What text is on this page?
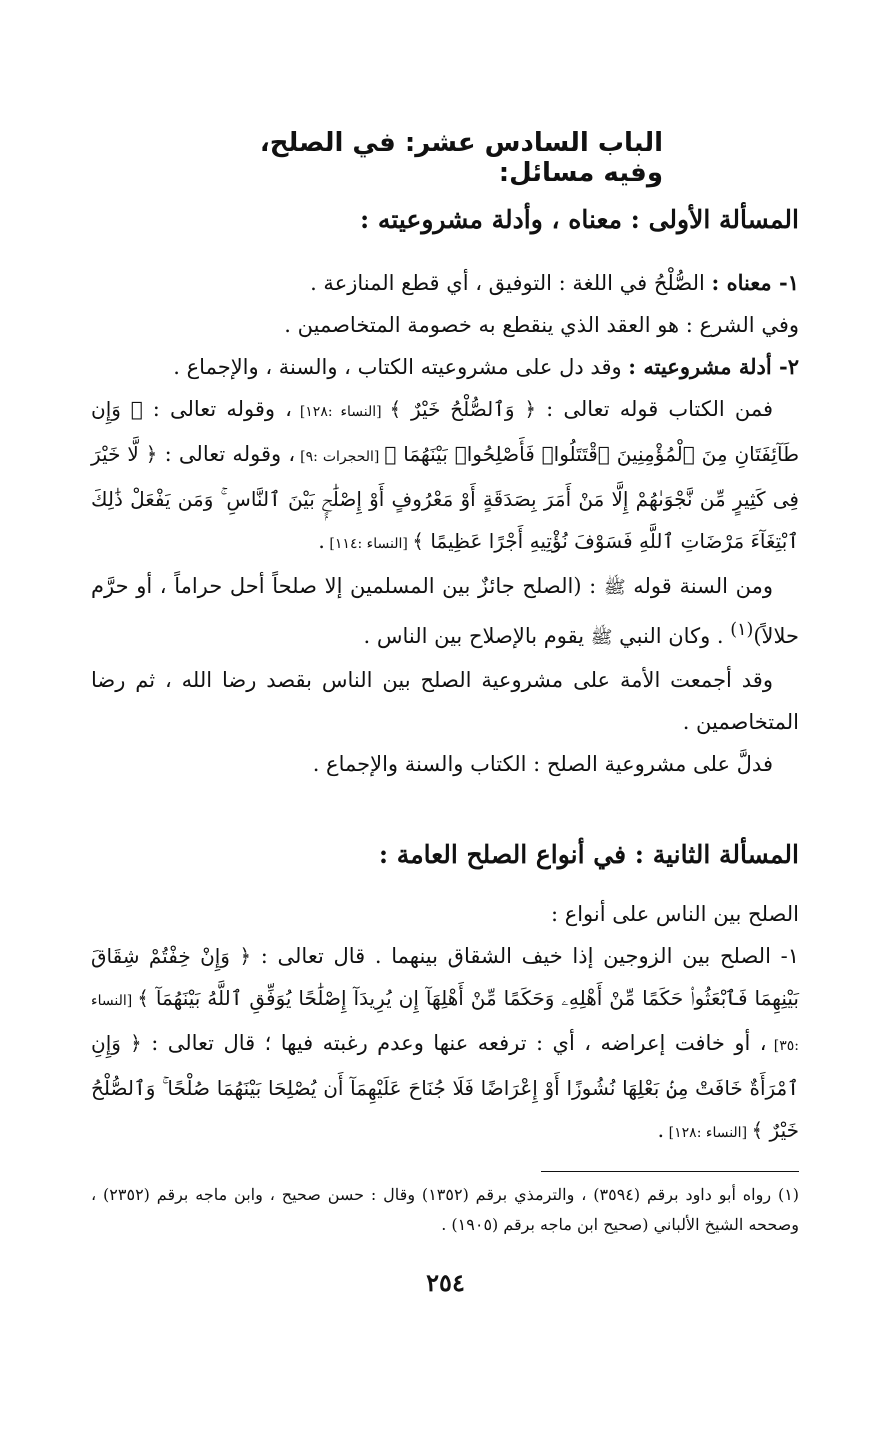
الباب السادس عشر: في الصلح، وفيه مسائل:
المسألة الأولى : معناه ، وأدلة مشروعيته :

١- معناه : الصُّلْحُ في اللغة : التوفيق ، أي قطع المنازعة .

وفي الشرع : هو العقد الذي ينقطع به خصومة المتخاصمين .

٢- أدلة مشروعيته : وقد دل على مشروعيته الكتاب ، والسنة ، والإجماع .

فمن الكتاب قوله تعالى : ﴿ وَٱلصُّلْحُ خَيْرٌ ﴾ [النساء :١٢٨] ، وقوله تعالى : ﴿ وَإِن طَآئِفَتَانِ مِنَ ٱلْمُؤْمِنِينَ ٱقْتَتَلُوا۟ فَأَصْلِحُوا۟ بَيْنَهُمَا ﴾ [الحجرات :٩] ، وقوله تعالى : ﴿ لَّا خَيْرَ فِى كَثِيرٍ مِّن نَّجْوَىٰهُمْ إِلَّا مَنْ أَمَرَ بِصَدَقَةٍ أَوْ مَعْرُوفٍ أَوْ إِصْلَٰحٍۭ بَيْنَ ٱلنَّاسِ ۚ وَمَن يَفْعَلْ ذَٰلِكَ ٱبْتِغَآءَ مَرْضَاتِ ٱللَّهِ فَسَوْفَ نُؤْتِيهِ أَجْرًا عَظِيمًا ﴾ [النساء :١١٤] .

ومن السنة قوله ﷺ : (الصلح جائزٌ بين المسلمين إلا صلحاً أحل حراماً ، أو حرَّم حلالاً)$^{(١)}$ . وكان النبي ﷺ يقوم بالإصلاح بين الناس .

وقد أجمعت الأمة على مشروعية الصلح بين الناس بقصد رضا الله ، ثم رضا المتخاصمين .

فدلَّ على مشروعية الصلح : الكتاب والسنة والإجماع .

المسألة الثانية : في أنواع الصلح العامة :

الصلح بين الناس على أنواع :

١- الصلح بين الزوجين إذا خيف الشقاق بينهما . قال تعالى : ﴿ وَإِنْ خِفْتُمْ شِقَاقَ بَيْنِهِمَا فَٱبْعَثُوا۟ حَكَمًا مِّنْ أَهْلِهِۦ وَحَكَمًا مِّنْ أَهْلِهَآ إِن يُرِيدَآ إِصْلَٰحًا يُوَفِّقِ ٱللَّهُ بَيْنَهُمَآ ﴾ [النساء :٣٥] ، أو خافت إعراضه ، أي : ترفعه عنها وعدم رغبته فيها ؛ قال تعالى : ﴿ وَإِنِ ٱمْرَأَةٌ خَافَتْ مِنۢ بَعْلِهَا نُشُوزًا أَوْ إِعْرَاضًا فَلَا جُنَاحَ عَلَيْهِمَآ أَن يُصْلِحَا بَيْنَهُمَا صُلْحًا ۚ وَٱلصُّلْحُ خَيْرٌ ﴾ [النساء :١٢٨] .

(١) رواه أبو داود برقم (٣٥٩٤) ، والترمذي برقم (١٣٥٢) وقال : حسن صحيح ، وابن ماجه برقم (٢٣٥٢) ، وصححه الشيخ الألباني (صحيح ابن ماجه برقم (١٩٠٥) .

٢٥٤
